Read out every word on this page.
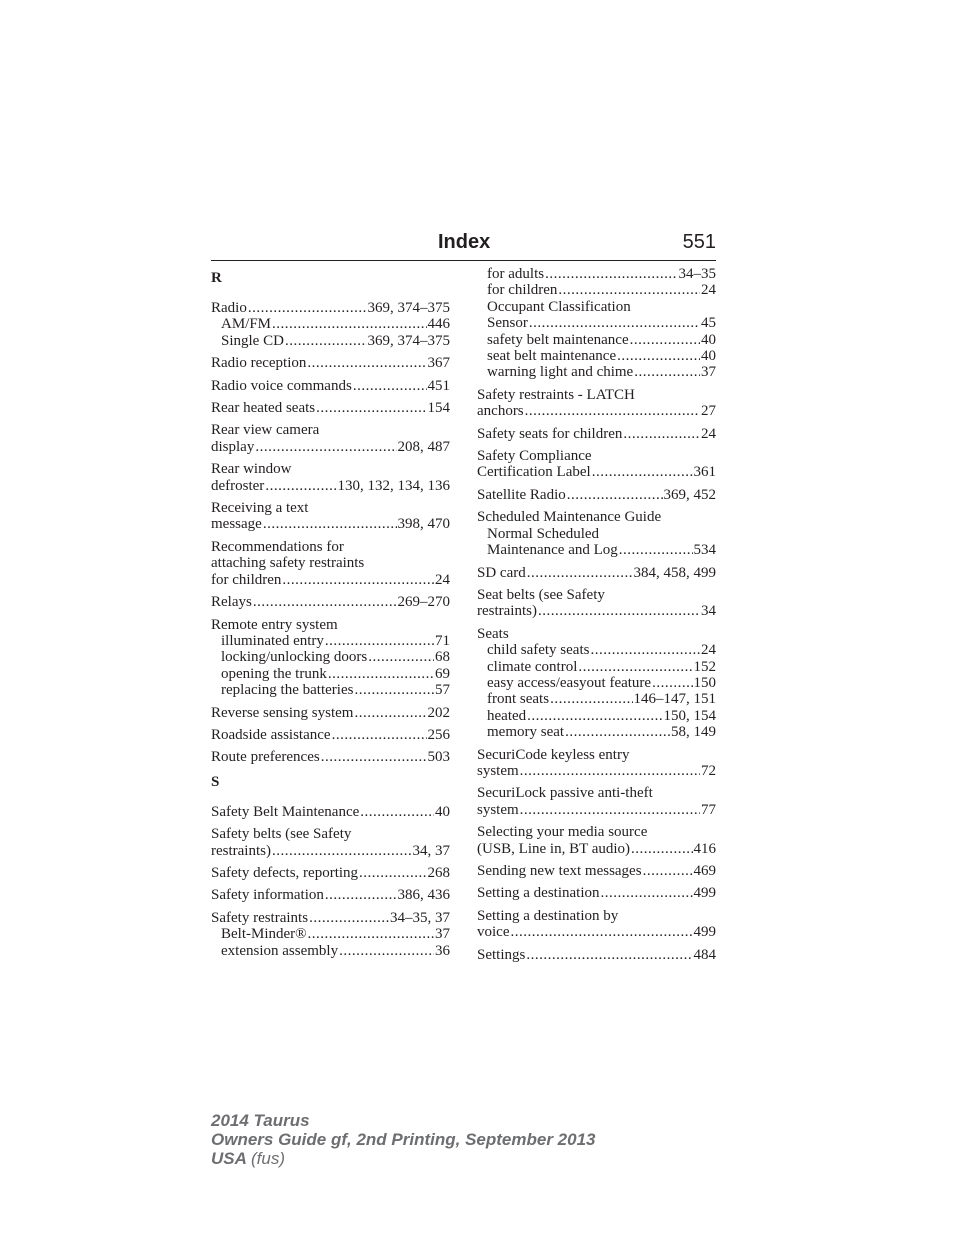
Index	551
R
Radio .....	369, 374–375
AM/FM .....	446
Single CD .....	369, 374–375
Radio reception .....	367
Radio voice commands .....	451
Rear heated seats .....	154
Rear view camera
display .....	208, 487
Rear window
defroster .....	130, 132, 134, 136
Receiving a text
message .....	398, 470
Recommendations for
attaching safety restraints
for children .....	24
Relays .....	269–270
Remote entry system
illuminated entry .....	71
locking/unlocking doors .....	68
opening the trunk .....	69
replacing the batteries .....	57
Reverse sensing system .....	202
Roadside assistance .....	256
Route preferences .....	503
S
Safety Belt Maintenance .....	40
Safety belts (see Safety
restraints) .....	34, 37
Safety defects, reporting .....	268
Safety information .....	386, 436
Safety restraints .....	34–35, 37
Belt-Minder® .....	37
extension assembly .....	36
for adults .....	34–35
for children .....	24
Occupant Classification
Sensor .....	45
safety belt maintenance .....	40
seat belt maintenance .....	40
warning light and chime .....	37
Safety restraints - LATCH
anchors .....	27
Safety seats for children .....	24
Safety Compliance
Certification Label .....	361
Satellite Radio .....	369, 452
Scheduled Maintenance Guide
Normal Scheduled
Maintenance and Log .....	534
SD card .....	384, 458, 499
Seat belts (see Safety
restraints) .....	34
Seats
child safety seats .....	24
climate control .....	152
easy access/easyout feature .....	150
front seats .....	146–147, 151
heated .....	150, 154
memory seat .....	58, 149
SecuriCode keyless entry
system .....	72
SecuriLock passive anti-theft
system .....	77
Selecting your media source
(USB, Line in, BT audio) .....	416
Sending new text messages .....	469
Setting a destination .....	499
Setting a destination by
voice .....	499
Settings .....	484
2014 Taurus
Owners Guide gf, 2nd Printing, September 2013
USA (fus)
